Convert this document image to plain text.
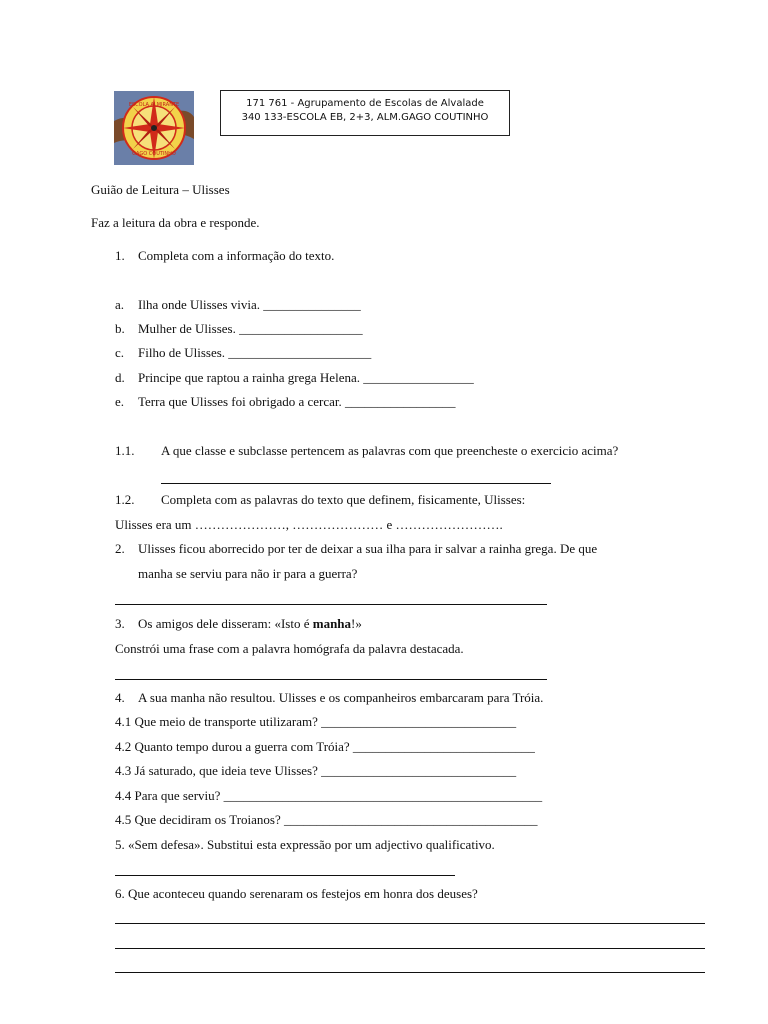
ESCOLA ALMIRANTE
GAGO COUTINHO
171 761 - Agrupamento de Escolas de Alvalade
340 133-ESCOLA EB, 2+3, ALM.GAGO COUTINHO
Guião de Leitura – Ulisses
Faz a leitura da obra e responde.
1. Completa com a informação do texto.
a. Ilha onde Ulisses vivia. _______________
b. Mulher de Ulisses. ___________________
c. Filho de Ulisses. ______________________
d. Principe que raptou a rainha grega Helena. _________________
e. Terra que Ulisses foi obrigado a cercar. _________________
1.1. A que classe e subclasse pertencem as palavras com que preencheste o exercicio acima?
1.2. Completa com as palavras do texto que definem, fisicamente, Ulisses:
Ulisses era um …………………, ………………… e …………………….
2. Ulisses ficou aborrecido por ter de deixar a sua ilha para ir salvar a rainha grega. De que
manha se serviu para não ir para a guerra?
3. Os amigos dele disseram: «Isto é manha!»
Constrói uma frase com a palavra homógrafa da palavra destacada.
4. A sua manha não resultou. Ulisses e os companheiros embarcaram para Tróia.
4.1 Que meio de transporte utilizaram? ______________________________
4.2 Quanto tempo durou a guerra com Tróia? ____________________________
4.3 Já saturado, que ideia teve Ulisses? ______________________________
4.4 Para que serviu? _________________________________________________
4.5 Que decidiram os Troianos? _______________________________________
5. «Sem defesa». Substitui esta expressão por um adjectivo qualificativo.
6. Que aconteceu quando serenaram os festejos em honra dos deuses?
